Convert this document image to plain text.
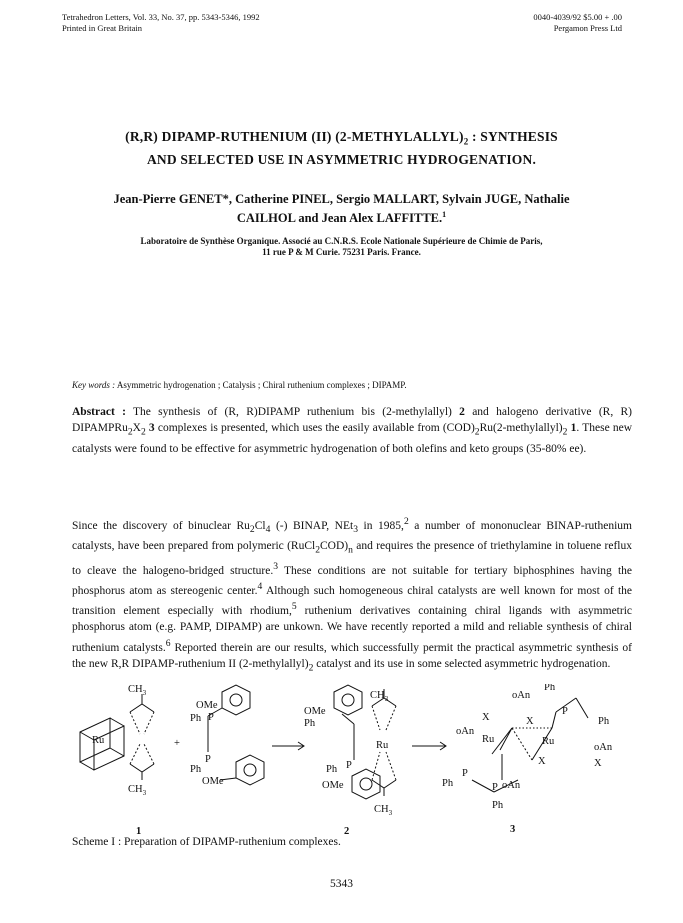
Tetrahedron Letters, Vol. 33, No. 37, pp. 5343-5346, 1992
Printed in Great Britain
0040-4039/92 $5.00 + .00
Pergamon Press Ltd
(R,R) DIPAMP-RUTHENIUM (II) $(2-METHYLALLYL)_2$ : SYNTHESIS
AND SELECTED USE IN ASYMMETRIC HYDROGENATION.
Jean-Pierre GENET*, Catherine PINEL, Sergio MALLART, Sylvain JUGE, Nathalie
CAILHOL and Jean Alex LAFFITTE.$^1$
Laboratoire de Synthèse Organique. Associé au C.N.R.S. Ecole Nationale Supérieure de Chimie de Paris,
11 rue P & M Curie. 75231 Paris. France.
Key words : Asymmetric hydrogenation ; Catalysis ; Chiral ruthenium complexes ; DIPAMP.
Abstract : The synthesis of (R, R)DIPAMP ruthenium bis (2-methylallyl) 2 and halogeno derivative (R, R) $DIPAMPRu_2X_2$ 3 complexes is presented, which uses the easily available from $(COD)_2Ru(2-methylallyl)_2$ 1. These new catalysts were found to be effective for asymmetric hydrogenation of both olefins and keto groups (35-80% ee).
Since the discovery of binuclear $Ru_2Cl_4$ (-) BINAP, NEt$_3$ in 1985,$^2$ a number of mononuclear BINAP-ruthenium catalysts, have been prepared from polymeric $(RuCl_2COD)_n$ and requires the presence of triethylamine in toluene reflux to cleave the halogeno-bridged structure.$^3$ These conditions are not suitable for tertiary biphosphines having the phosphorus atom as stereogenic center.$^4$ Although such homogeneous chiral catalysts are well known for most of the transition element especially with rhodium,$^5$ ruthenium derivatives containing chiral ligands with asymmetric phosphorus atom (e.g. PAMP, DIPAMP) are unkown. We have recently reported a mild and reliable synthesis of chiral ruthenium catalysts.$^6$ Reported therein are our results, which successfully permit the practical asymmetric synthesis of the new R,R DIPAMP-ruthenium II $(2-methylallyl)_2$ catalyst and its use in some selected asymmetric hydrogenation.
$CH_3$
Ru
$CH_3$
+
OMe
Ph P
P
Ph
OMe
OMe
Ph
$CH_3$
Ru
Ph P
OMe
$CH_3$
Ph
oAn
P
Ph
X	X
oAn
Ru	Ru
oAn
X	X
P
Ph	P oAn
Ph
1	2	3
Scheme I : Preparation of DIPAMP-ruthenium complexes.
5343
